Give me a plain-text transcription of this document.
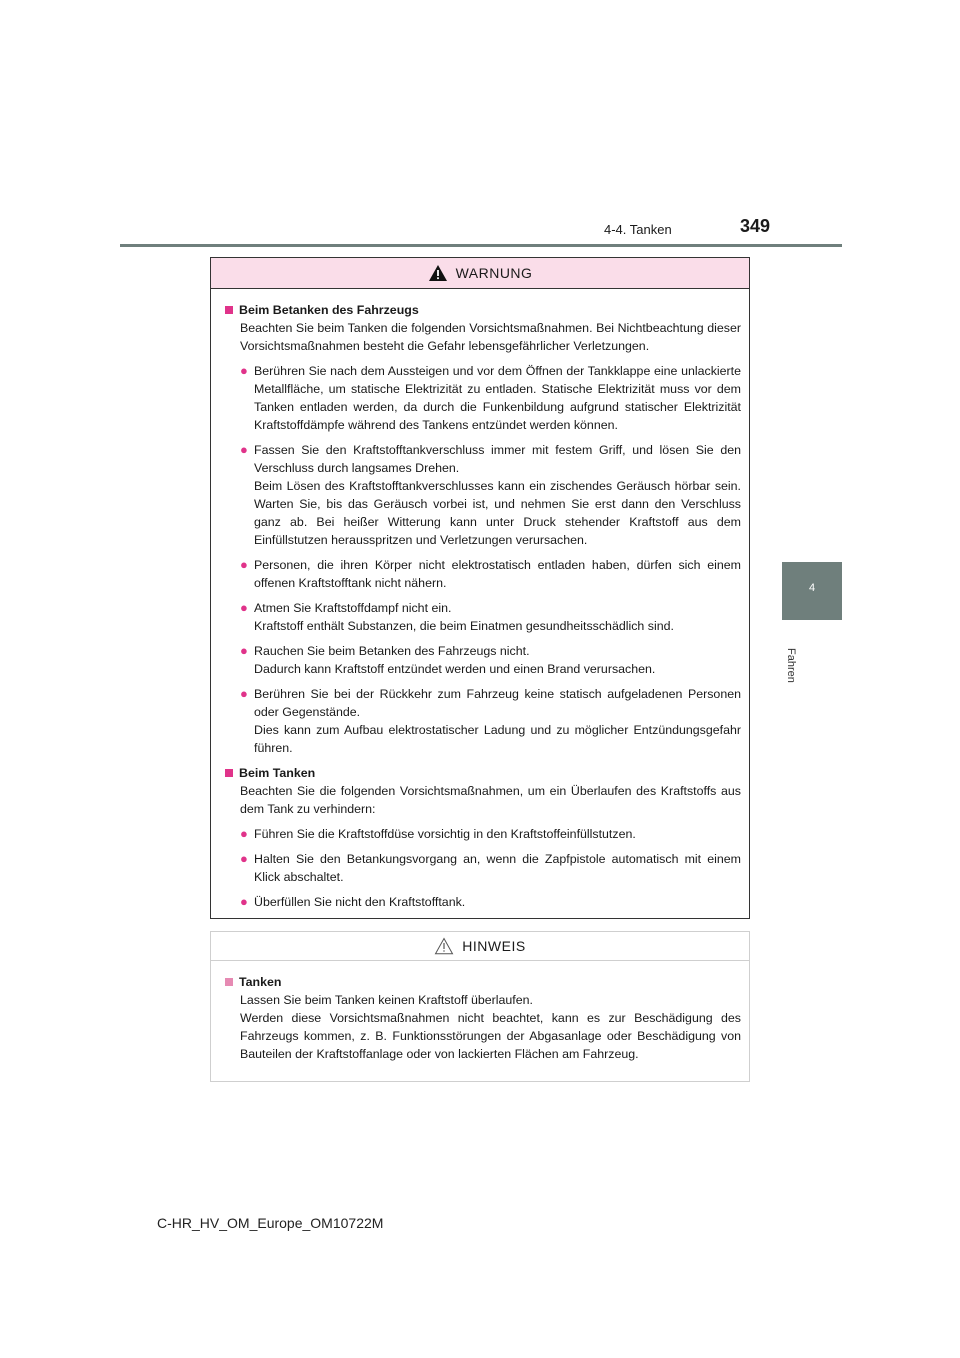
4-4. Tanken	349
4
Fahren
WARNUNG
Beim Betanken des Fahrzeugs
Beachten Sie beim Tanken die folgenden Vorsichtsmaßnahmen. Bei Nichtbeachtung dieser Vorsichtsmaßnahmen besteht die Gefahr lebensgefährlicher Verletzungen.
● Berühren Sie nach dem Aussteigen und vor dem Öffnen der Tankklappe eine unlackierte Metallfläche, um statische Elektrizität zu entladen. Statische Elektrizität muss vor dem Tanken entladen werden, da durch die Funkenbildung aufgrund statischer Elektrizität Kraftstoffdämpfe während des Tankens entzündet werden können.
● Fassen Sie den Kraftstofftankverschluss immer mit festem Griff, und lösen Sie den Verschluss durch langsames Drehen.
Beim Lösen des Kraftstofftankverschlusses kann ein zischendes Geräusch hörbar sein. Warten Sie, bis das Geräusch vorbei ist, und nehmen Sie erst dann den Verschluss ganz ab. Bei heißer Witterung kann unter Druck stehender Kraftstoff aus dem Einfüllstutzen herausspritzen und Verletzungen verursachen.
● Personen, die ihren Körper nicht elektrostatisch entladen haben, dürfen sich einem offenen Kraftstofftank nicht nähern.
● Atmen Sie Kraftstoffdampf nicht ein.
Kraftstoff enthält Substanzen, die beim Einatmen gesundheitsschädlich sind.
● Rauchen Sie beim Betanken des Fahrzeugs nicht.
Dadurch kann Kraftstoff entzündet werden und einen Brand verursachen.
● Berühren Sie bei der Rückkehr zum Fahrzeug keine statisch aufgeladenen Personen oder Gegenstände.
Dies kann zum Aufbau elektrostatischer Ladung und zu möglicher Entzündungsgefahr führen.
Beim Tanken
Beachten Sie die folgenden Vorsichtsmaßnahmen, um ein Überlaufen des Kraftstoffs aus dem Tank zu verhindern:
● Führen Sie die Kraftstoffdüse vorsichtig in den Kraftstoffeinfüllstutzen.
● Halten Sie den Betankungsvorgang an, wenn die Zapfpistole automatisch mit einem Klick abschaltet.
● Überfüllen Sie nicht den Kraftstofftank.
HINWEIS
Tanken
Lassen Sie beim Tanken keinen Kraftstoff überlaufen.
Werden diese Vorsichtsmaßnahmen nicht beachtet, kann es zur Beschädigung des Fahrzeugs kommen, z. B. Funktionsstörungen der Abgasanlage oder Beschädigung von Bauteilen der Kraftstoffanlage oder von lackierten Flächen am Fahrzeug.
C-HR_HV_OM_Europe_OM10722M
